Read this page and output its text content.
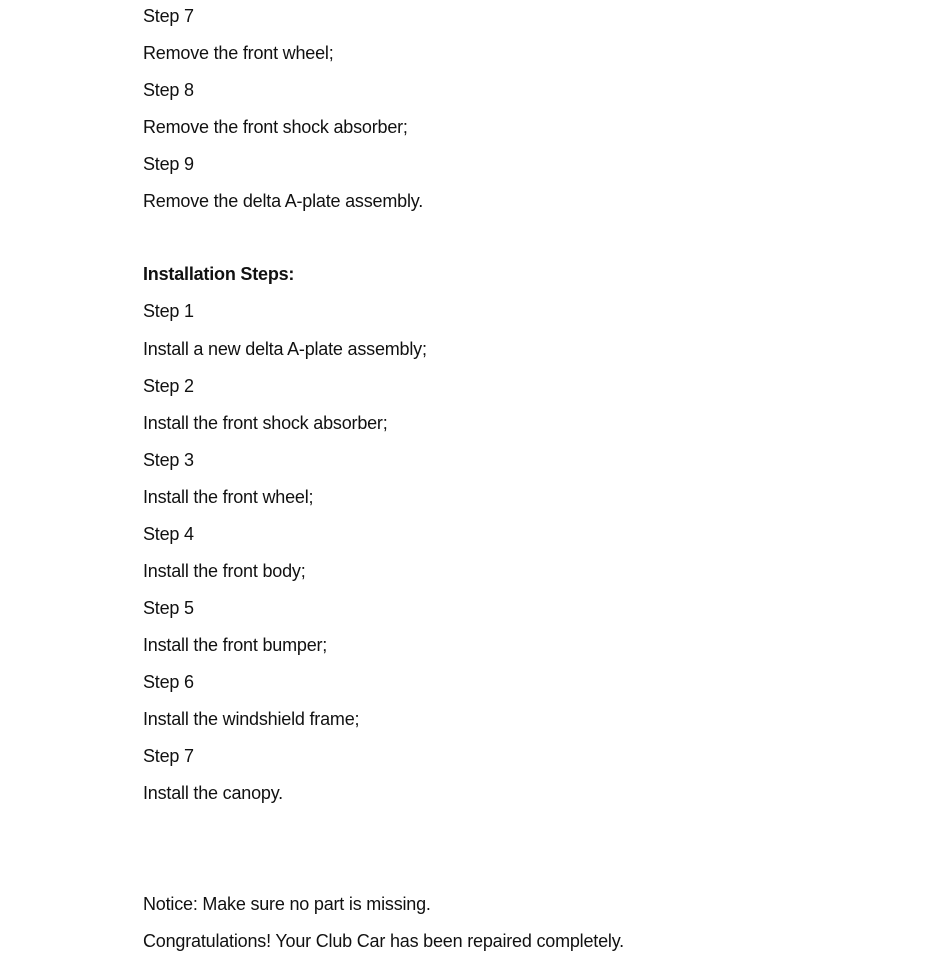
Step 7
Remove the front wheel;
Step 8
Remove the front shock absorber;
Step 9
Remove the delta A-plate assembly.
Installation Steps:
Step 1
Install a new delta A-plate assembly;
Step 2
Install the front shock absorber;
Step 3
Install the front wheel;
Step 4
Install the front body;
Step 5
Install the front bumper;
Step 6
Install the windshield frame;
Step 7
Install the canopy.
Notice: Make sure no part is missing.
Congratulations! Your Club Car has been repaired completely.
